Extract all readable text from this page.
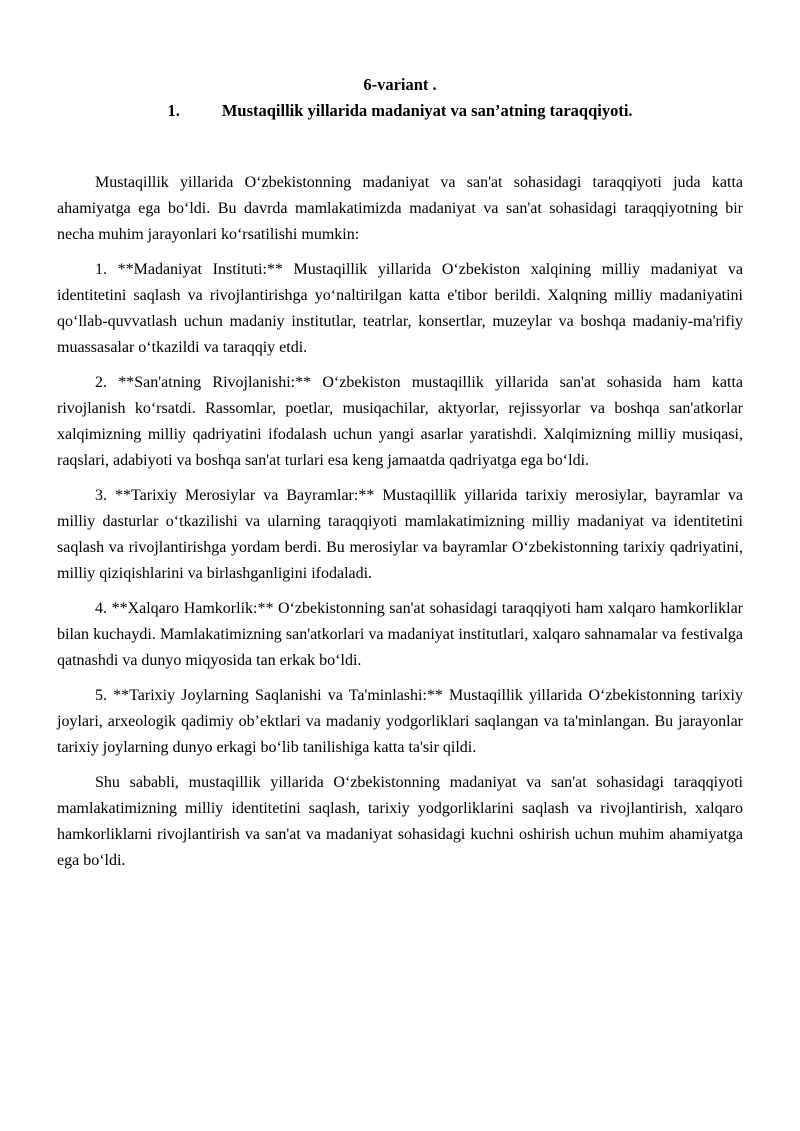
6-variant .
1.	Mustaqillik yillarida madaniyat va san’atning taraqqiyoti.

Mustaqillik yillarida Oʻzbekistonning madaniyat va san'at sohasidagi taraqqiyoti juda katta ahamiyatga ega boʻldi. Bu davrda mamlakatimizda madaniyat va san'at sohasidagi taraqqiyotning bir necha muhim jarayonlari koʻrsatilishi mumkin:

1. **Madaniyat Instituti:** Mustaqillik yillarida Oʻzbekiston xalqining milliy madaniyat va identitetini saqlash va rivojlantirishga yoʻnaltirilgan katta e'tibor berildi. Xalqning milliy madaniyatini qoʻllab-quvvatlash uchun madaniy institutlar, teatrlar, konsertlar, muzeylar va boshqa madaniy-ma'rifiy muassasalar oʻtkazildi va taraqqiy etdi.

2. **San'atning Rivojlanishi:** Oʻzbekiston mustaqillik yillarida san'at sohasida ham katta rivojlanish koʻrsatdi. Rassomlar, poetlar, musiqachilar, aktyorlar, rejissyorlar va boshqa san'atkorlar xalqimizning milliy qadriyatini ifodalash uchun yangi asarlar yaratishdi. Xalqimizning milliy musiqasi, raqslari, adabiyoti va boshqa san'at turlari esa keng jamaatda qadriyatga ega boʻldi.

3. **Tarixiy Merosiylar va Bayramlar:** Mustaqillik yillarida tarixiy merosiylar, bayramlar va milliy dasturlar oʻtkazilishi va ularning taraqqiyoti mamlakatimizning milliy madaniyat va identitetini saqlash va rivojlantirishga yordam berdi. Bu merosiylar va bayramlar Oʻzbekistonning tarixiy qadriyatini, milliy qiziqishlarini va birlashganligini ifodaladi.

4. **Xalqaro Hamkorlik:** Oʻzbekistonning san'at sohasidagi taraqqiyoti ham xalqaro hamkorliklar bilan kuchaydi. Mamlakatimizning san'atkorlari va madaniyat institutlari, xalqaro sahnamalar va festivalga qatnashdi va dunyo miqyosida tan erkak boʻldi.

5. **Tarixiy Joylarning Saqlanishi va Ta'minlashi:** Mustaqillik yillarida Oʻzbekistonning tarixiy joylari, arxeologik qadimiy ob’ektlari va madaniy yodgorliklari saqlangan va ta'minlangan. Bu jarayonlar tarixiy joylarning dunyo erkagi boʻlib tanilishiga katta ta'sir qildi.

Shu sababli, mustaqillik yillarida Oʻzbekistonning madaniyat va san'at sohasidagi taraqqiyoti mamlakatimizning milliy identitetini saqlash, tarixiy yodgorliklarini saqlash va rivojlantirish, xalqaro hamkorliklarni rivojlantirish va san'at va madaniyat sohasidagi kuchni oshirish uchun muhim ahamiyatga ega boʻldi.
